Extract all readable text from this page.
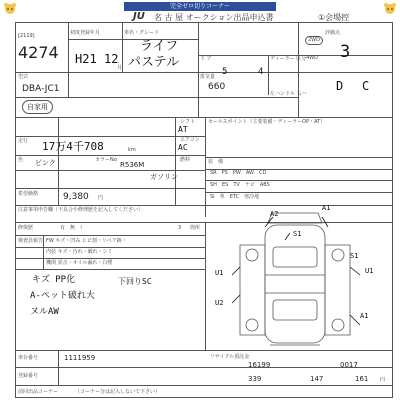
完全ゼロ切りコーナー
JU 名 古 屋 オークション出品申込書	①会場控
[2119]
4274
初度登録年月	車名・グレード
H21 12
月
ライフ
パステル	ド ア
5	4
ディーラー 区分
2WD
4WD
評価点
3
D C
型式
DBA-JC1
排気量
660
左ハンドル 右ハ
自家用
シフト
AT
エアコン
AC
走行 17万4千708	km
色 ピンク	カラーNo
R536M
燃料
ガソリン
希望価格	9,380 円
セールスポイント（主要装備・ディーラーOP・AT）
装　備
SR　 PS　 PW　 AW　 CD
SH　 ES　 TV　 ナビ　 ABS
SI　 革　 ETC　 寒冷地
注意事項申告欄（不具合や修理歴を記入してください）
修復歴	有　無　（	3 箇所
検査員報告 FW キズ・凹み ヒビ割・リペア跡・
内装 キズ・汚れ・破れ・シミ
機関 異音・オイル漏れ・白煙
キズ PP化
A-ペット破れ大
ヌルAW
下回りSC
A2
A1
S1
S1
U1	U1
A1
U2
車台番号	1111959
登録番号
前回出品コーナー	（コーナー分は記入しないで下さい）
リサイクル預託金
16199	0017
339	147	161 円
